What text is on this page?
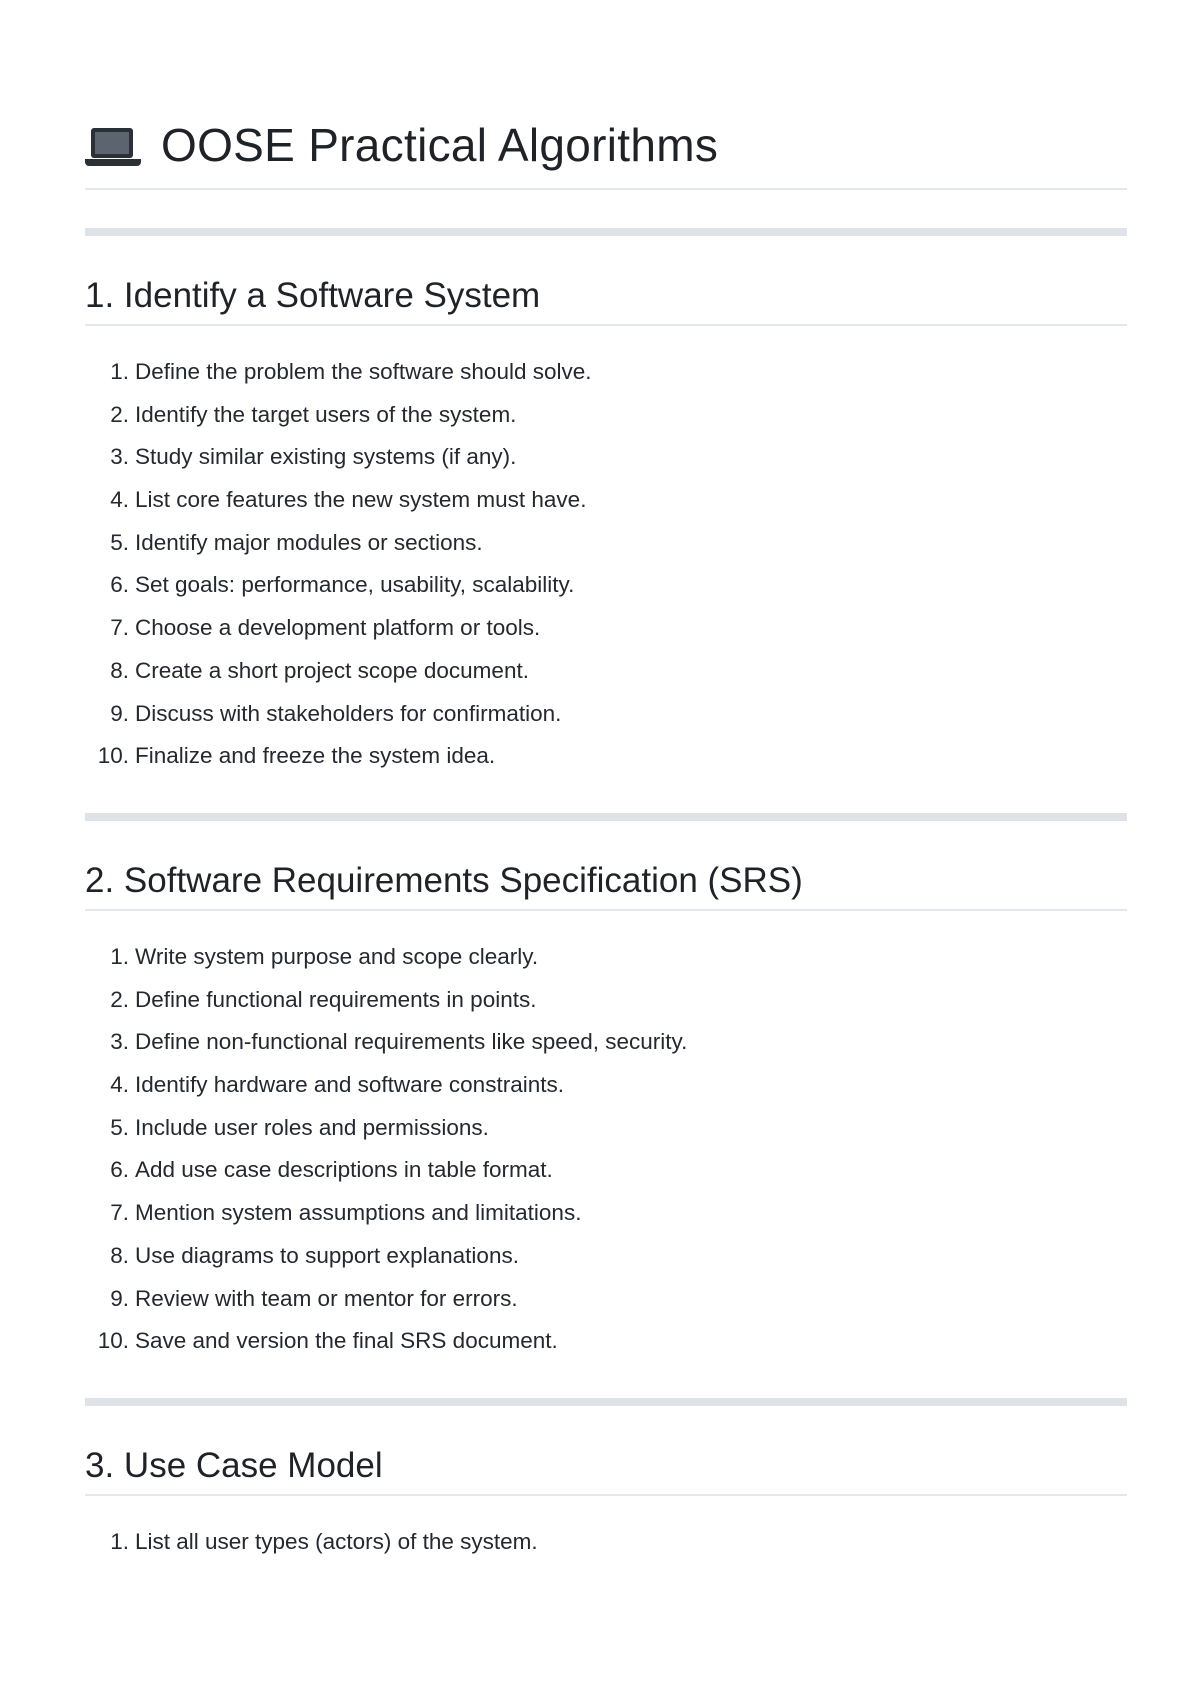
OOSE Practical Algorithms
1. Identify a Software System
1. Define the problem the software should solve.
2. Identify the target users of the system.
3. Study similar existing systems (if any).
4. List core features the new system must have.
5. Identify major modules or sections.
6. Set goals: performance, usability, scalability.
7. Choose a development platform or tools.
8. Create a short project scope document.
9. Discuss with stakeholders for confirmation.
10. Finalize and freeze the system idea.
2. Software Requirements Specification (SRS)
1. Write system purpose and scope clearly.
2. Define functional requirements in points.
3. Define non-functional requirements like speed, security.
4. Identify hardware and software constraints.
5. Include user roles and permissions.
6. Add use case descriptions in table format.
7. Mention system assumptions and limitations.
8. Use diagrams to support explanations.
9. Review with team or mentor for errors.
10. Save and version the final SRS document.
3. Use Case Model
1. List all user types (actors) of the system.
